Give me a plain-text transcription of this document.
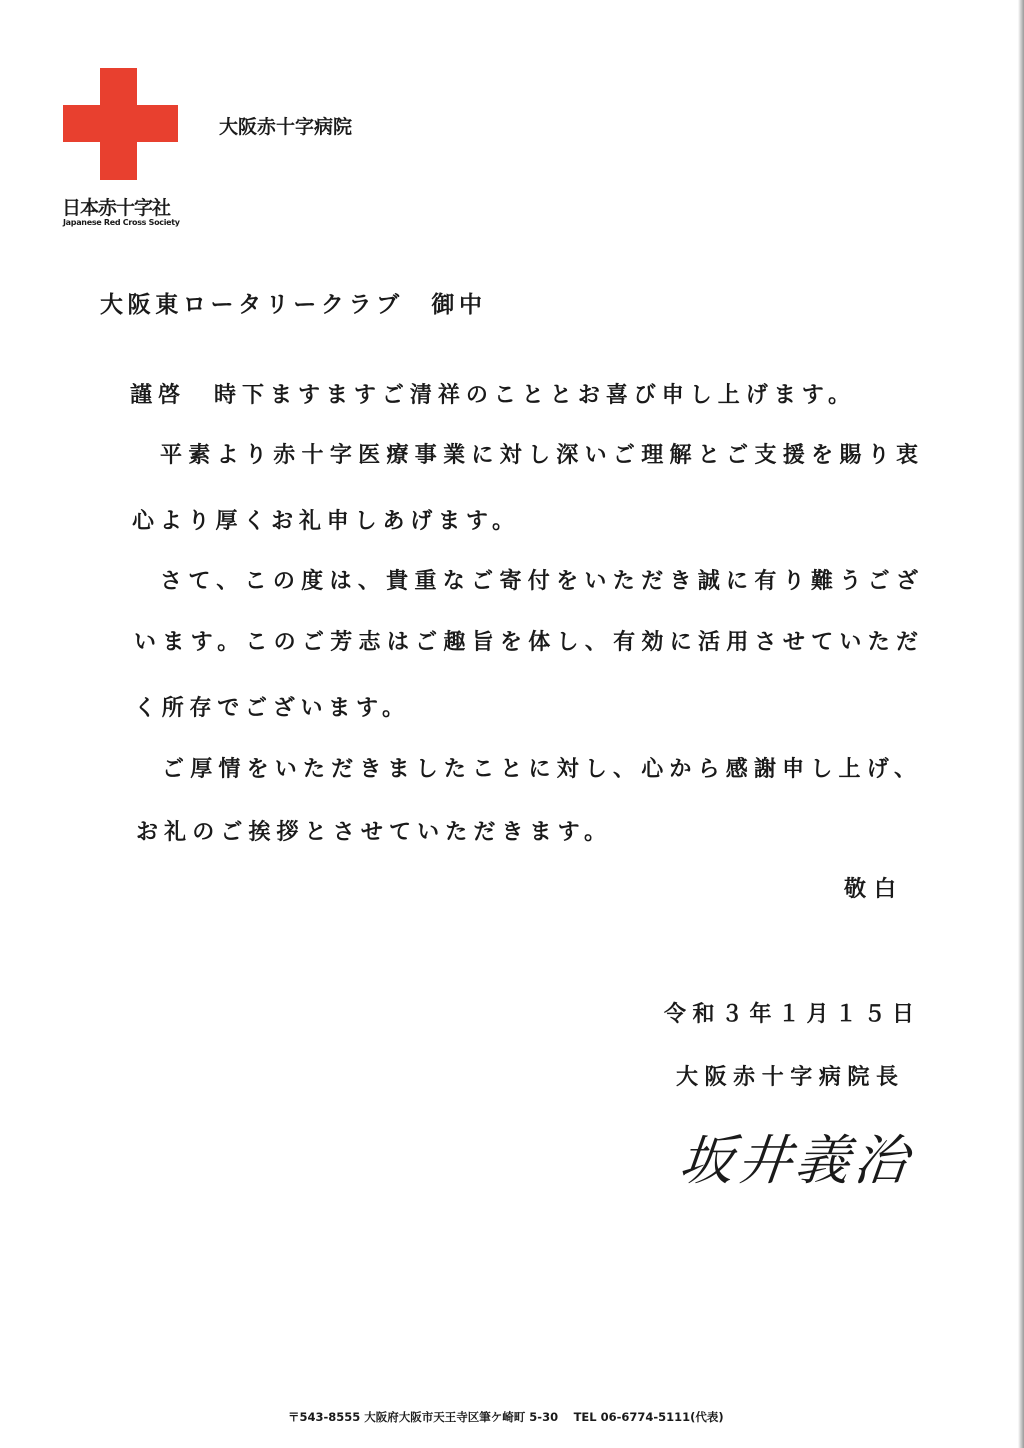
日本赤十字社
Japanese Red Cross Society
大阪赤十字病院
大阪東ロータリークラブ　御中
謹啓　時下ますますご清祥のこととお喜び申し上げます。
平素より赤十字医療事業に対し深いご理解とご支援を賜り衷
心より厚くお礼申しあげます。
さて、この度は、貴重なご寄付をいただき誠に有り難うござ
います。このご芳志はご趣旨を体し、有効に活用させていただ
く所存でございます。
ご厚情をいただきましたことに対し、心から感謝申し上げ、
お礼のご挨拶とさせていただきます。
敬白
令和３年１月１５日
大阪赤十字病院長
坂井義治
〒543-8555 大阪府大阪市天王寺区筆ケ崎町 5-30　 TEL 06-6774-5111(代表)
